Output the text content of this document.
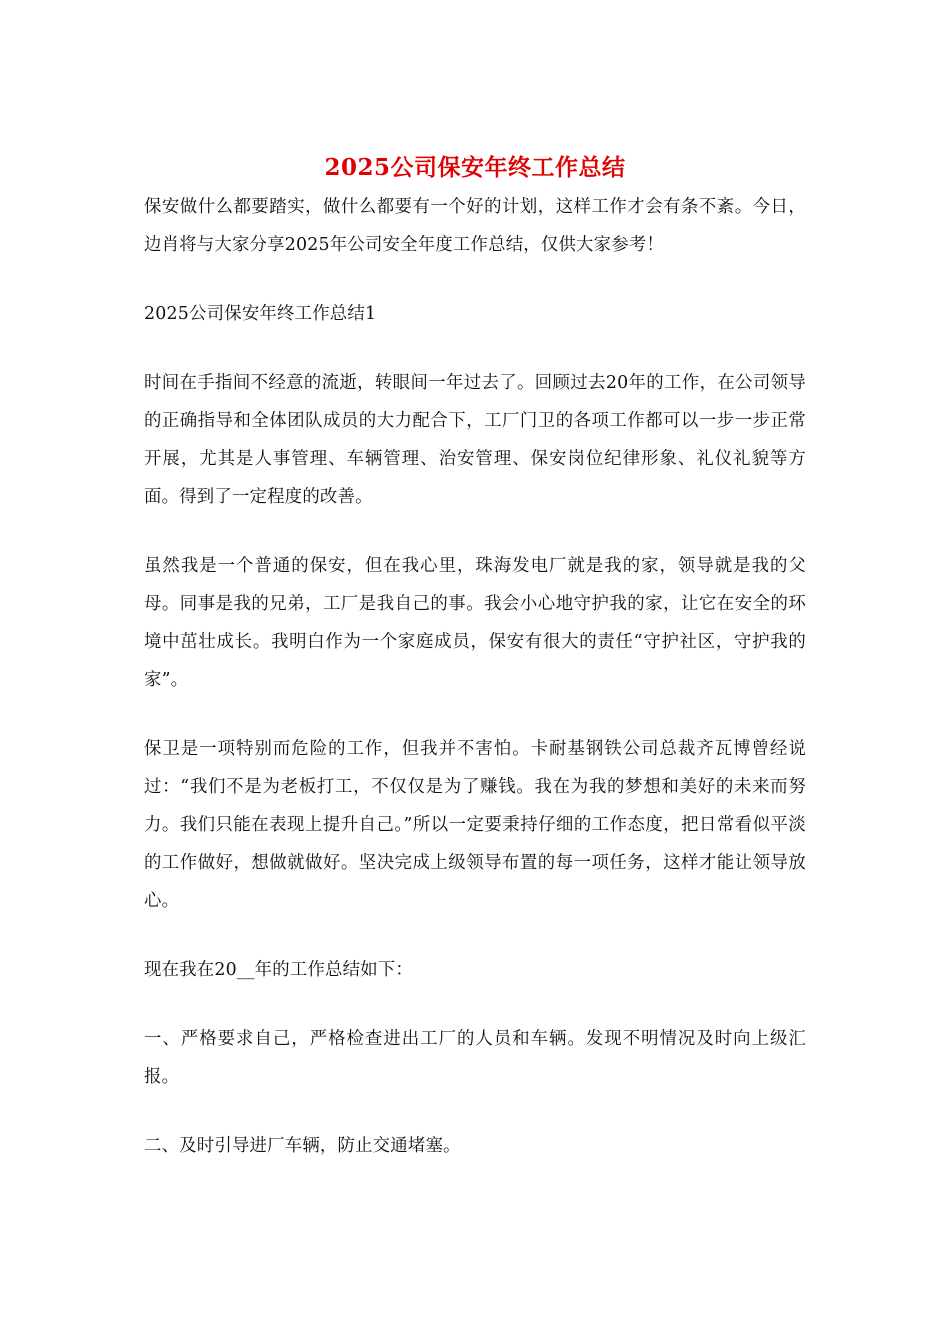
2025公司保安年终工作总结

保安做什么都要踏实，做什么都要有一个好的计划，这样工作才会有条不紊。今日，边肖将与大家分享2025年公司安全年度工作总结，仅供大家参考！

2025公司保安年终工作总结1

时间在手指间不经意的流逝，转眼间一年过去了。回顾过去20年的工作，在公司领导的正确指导和全体团队成员的大力配合下，工厂门卫的各项工作都可以一步一步正常开展，尤其是人事管理、车辆管理、治安管理、保安岗位纪律形象、礼仪礼貌等方面。得到了一定程度的改善。

虽然我是一个普通的保安，但在我心里，珠海发电厂就是我的家，领导就是我的父母。同事是我的兄弟，工厂是我自己的事。我会小心地守护我的家，让它在安全的环境中茁壮成长。我明白作为一个家庭成员，保安有很大的责任“守护社区，守护我的家”。

保卫是一项特别而危险的工作，但我并不害怕。卡耐基钢铁公司总裁齐瓦博曾经说过：“我们不是为老板打工，不仅仅是为了赚钱。我在为我的梦想和美好的未来而努力。我们只能在表现上提升自己。”所以一定要秉持仔细的工作态度，把日常看似平淡的工作做好，想做就做好。坚决完成上级领导布置的每一项任务，这样才能让领导放心。

现在我在20__年的工作总结如下：

一、严格要求自己，严格检查进出工厂的人员和车辆。发现不明情况及时向上级汇报。

二、及时引导进厂车辆，防止交通堵塞。
